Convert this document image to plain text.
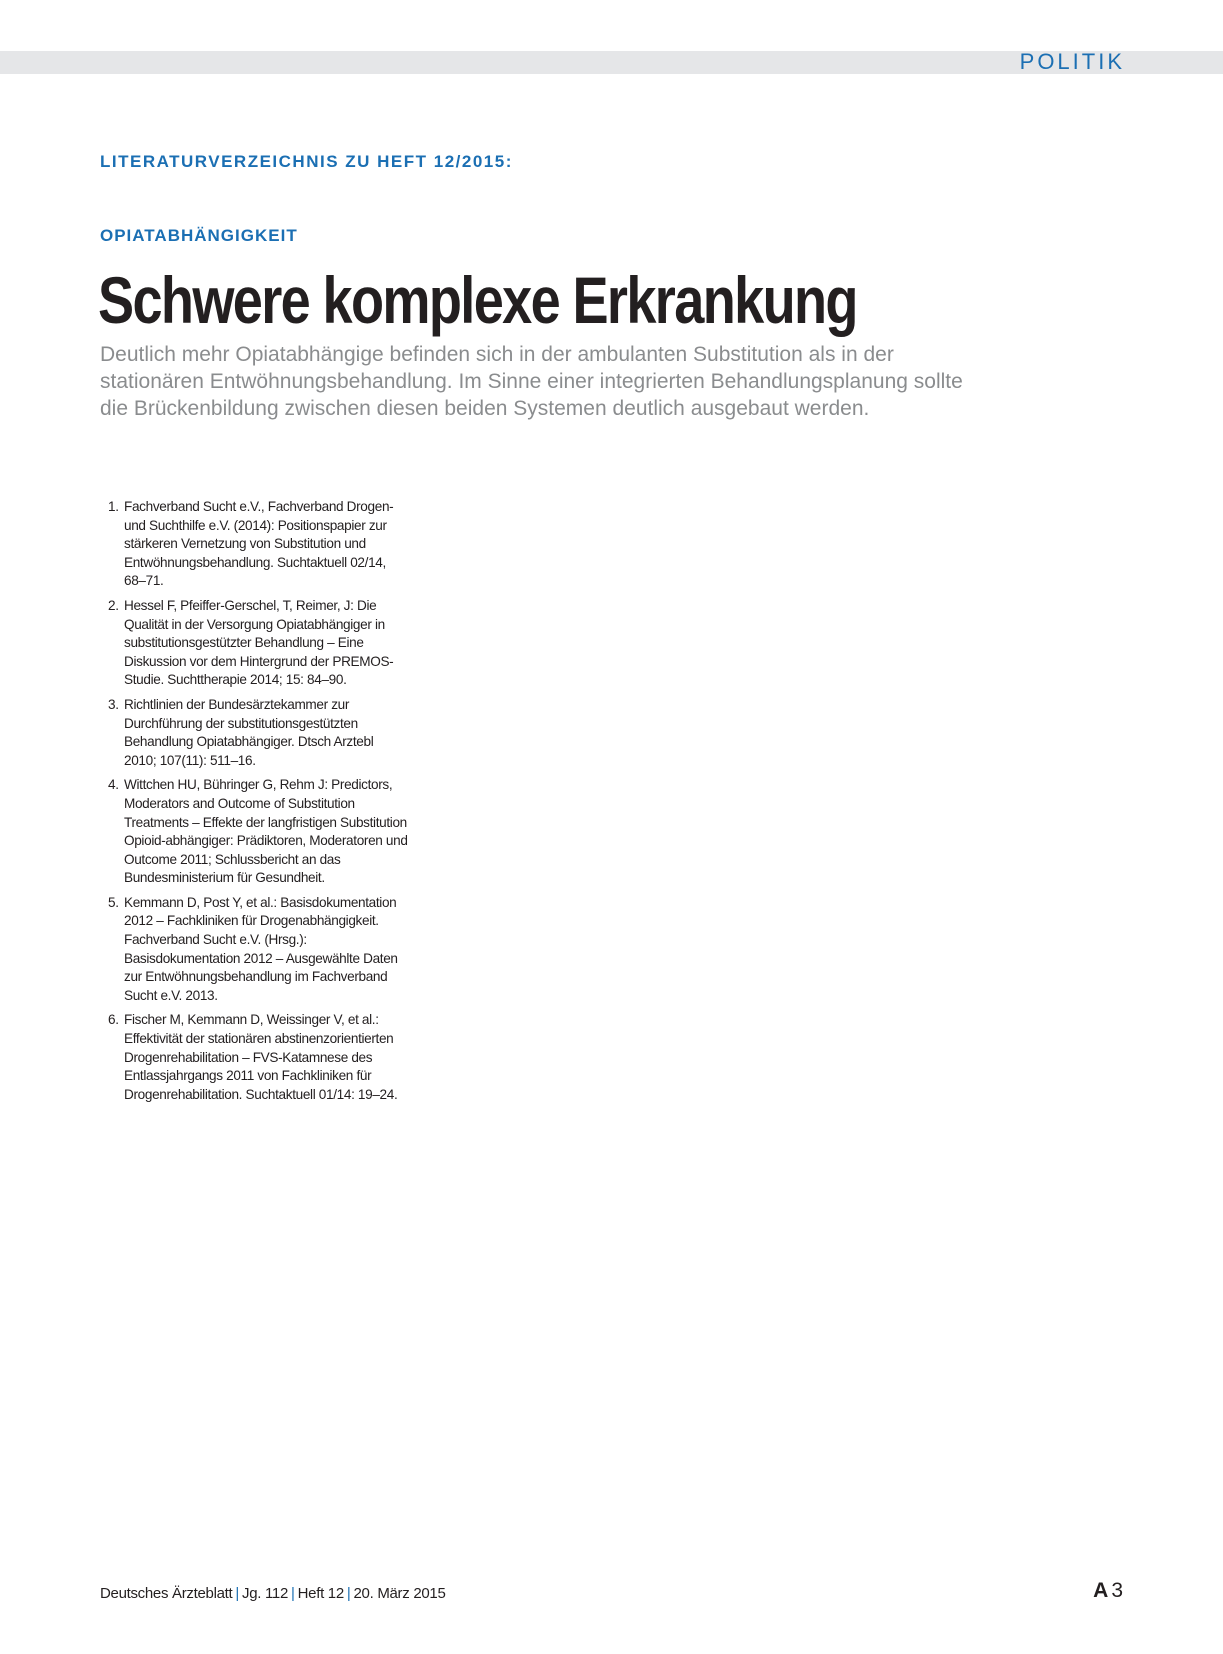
POLITIK
LITERATURVERZEICHNIS ZU HEFT 12/2015:
OPIATABHÄNGIGKEIT
Schwere komplexe Erkrankung

Deutlich mehr Opiatabhängige befinden sich in der ambulanten Substitution als in der stationären Entwöhnungsbehandlung. Im Sinne einer integrierten Behandlungsplanung sollte die Brückenbildung zwischen diesen beiden Systemen deutlich ausgebaut werden.

1. Fachverband Sucht e.V., Fachverband Drogen- und Suchthilfe e.V. (2014): Positionspapier zur stärkeren Vernetzung von Substitution und Entwöhnungsbehandlung. Suchtaktuell 02/14, 68–71.
2. Hessel F, Pfeiffer-Gerschel, T, Reimer, J: Die Qualität in der Versorgung Opiatabhängiger in substitutionsgestützter Behandlung – Eine Diskussion vor dem Hintergrund der PREMOS-Studie. Suchttherapie 2014; 15: 84–90.
3. Richtlinien der Bundesärztekammer zur Durchführung der substitutionsgestützten Behandlung Opiatabhängiger. Dtsch Arztebl 2010; 107(11): 511–16.
4. Wittchen HU, Bühringer G, Rehm J: Predictors, Moderators and Outcome of Substitution Treatments – Effekte der langfristigen Substitution Opioid-abhängiger: Prädiktoren, Moderatoren und Outcome 2011; Schlussbericht an das Bundesministerium für Gesundheit.
5. Kemmann D, Post Y, et al.: Basisdokumentation 2012 – Fachkliniken für Drogenabhängigkeit. Fachverband Sucht e.V. (Hrsg.): Basisdokumentation 2012 – Ausgewählte Daten zur Entwöhnungsbehandlung im Fachverband Sucht e.V. 2013.
6. Fischer M, Kemmann D, Weissinger V, et al.: Effektivität der stationären abstinenzorientierten Drogenrehabilitation – FVS-Katamnese des Entlassjahrgangs 2011 von Fachkliniken für Drogenrehabilitation. Suchtaktuell 01/14: 19–24.
Deutsches Ärzteblatt | Jg. 112 | Heft 12 | 20. März 2015	A 3
